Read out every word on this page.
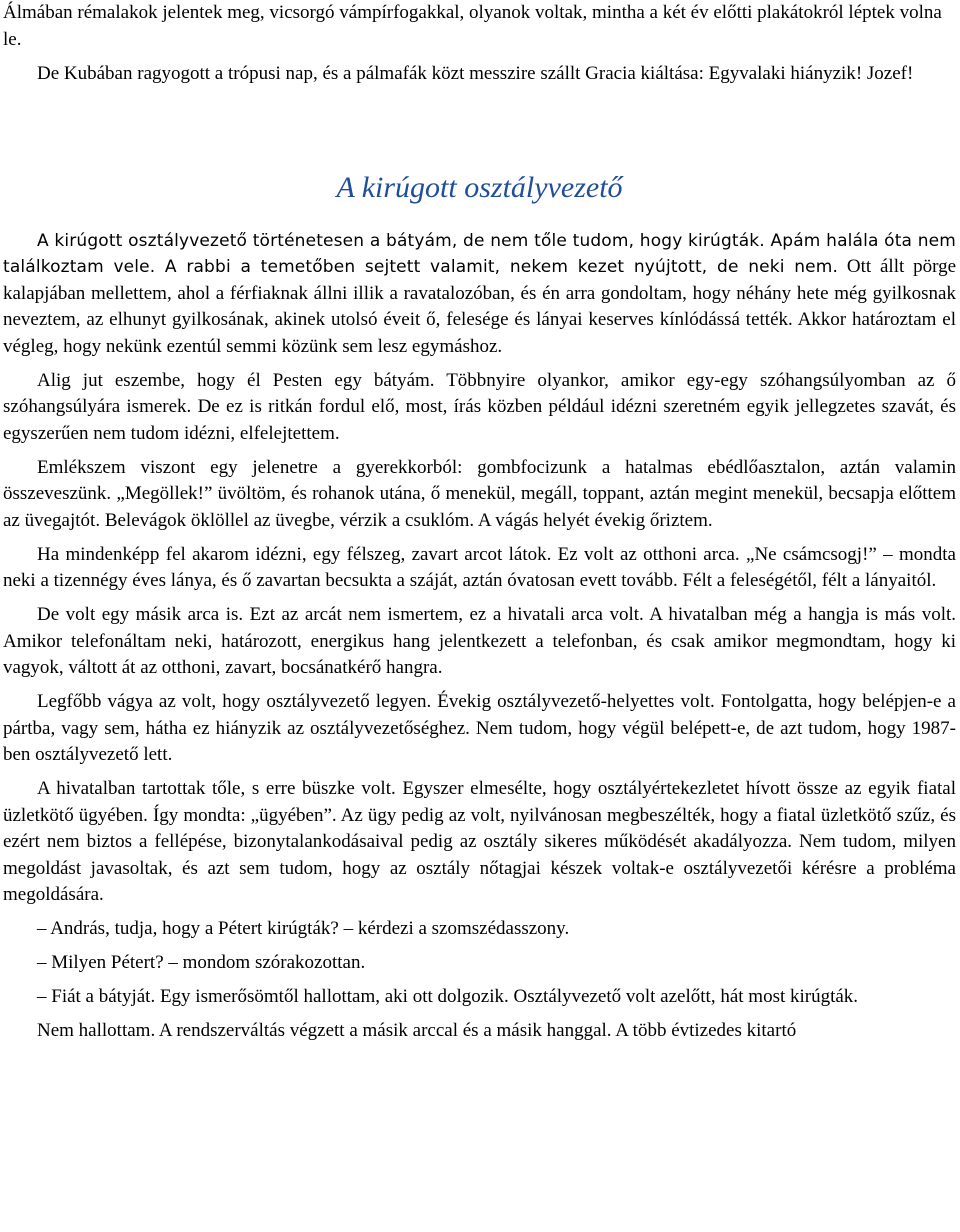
Álmában rémalakok jelentek meg, vicsorgó vámpírfogakkal, olyanok voltak, mintha a két év előtti plakátokról léptek volna le.

De Kubában ragyogott a trópusi nap, és a pálmafák közt messzire szállt Gracia kiáltása: Egyvalaki hiányzik! Jozef!

A kirúgott osztályvezető

A kirúgott osztályvezető történetesen a bátyám, de nem tőle tudom, hogy kirúgták. Apám halála óta nem találkoztam vele. A rabbi a temetőben sejtett valamit, nekem kezet nyújtott, de neki nem. Ott állt pörge kalapjában mellettem, ahol a férfiaknak állni illik a ravatalozóban, és én arra gondoltam, hogy néhány hete még gyilkosnak neveztem, az elhunyt gyilkosának, akinek utolsó éveit ő, felesége és lányai keserves kínlódássá tették. Akkor határoztam el végleg, hogy nekünk ezentúl semmi közünk sem lesz egymáshoz.

Alig jut eszembe, hogy él Pesten egy bátyám. Többnyire olyankor, amikor egy-egy szóhangsúlyomban az ő szóhangsúlyára ismerek. De ez is ritkán fordul elő, most, írás közben például idézni szeretném egyik jellegzetes szavát, és egyszerűen nem tudom idézni, elfelejtettem.

Emlékszem viszont egy jelenetre a gyerekkorból: gombfocizunk a hatalmas ebédlőasztalon, aztán valamin összeveszünk. „Megöllek!” üvöltöm, és rohanok utána, ő menekül, megáll, toppant, aztán megint menekül, becsapja előttem az üvegajtót. Belevágok öklöllel az üvegbe, vérzik a csuklóm. A vágás helyét évekig őriztem.

Ha mindenképp fel akarom idézni, egy félszeg, zavart arcot látok. Ez volt az otthoni arca. „Ne csámcsogj!” – mondta neki a tizennégy éves lánya, és ő zavartan becsukta a száját, aztán óvatosan evett tovább. Félt a feleségétől, félt a lányaitól.

De volt egy másik arca is. Ezt az arcát nem ismertem, ez a hivatali arca volt. A hivatalban még a hangja is más volt. Amikor telefonáltam neki, határozott, energikus hang jelentkezett a telefonban, és csak amikor megmondtam, hogy ki vagyok, váltott át az otthoni, zavart, bocsánatkérő hangra.

Legfőbb vágya az volt, hogy osztályvezető legyen. Évekig osztályvezető-helyettes volt. Fontolgatta, hogy belépjen-e a pártba, vagy sem, hátha ez hiányzik az osztályvezetőséghez. Nem tudom, hogy végül belépett-e, de azt tudom, hogy 1987-ben osztályvezető lett.

A hivatalban tartottak tőle, s erre büszke volt. Egyszer elmesélte, hogy osztályértekezletet hívott össze az egyik fiatal üzletkötő ügyében. Így mondta: „ügyében”. Az ügy pedig az volt, nyilvánosan megbeszélték, hogy a fiatal üzletkötő szűz, és ezért nem biztos a fellépése, bizonytalankodásaival pedig az osztály sikeres működését akadályozza. Nem tudom, milyen megoldást javasoltak, és azt sem tudom, hogy az osztály nőtagjai készek voltak-e osztályvezetői kérésre a probléma megoldására.

– András, tudja, hogy a Pétert kirúgták? – kérdezi a szomszédasszony.

– Milyen Pétert? – mondom szórakozottan.

– Fiát a bátyját. Egy ismerősömtől hallottam, aki ott dolgozik. Osztályvezető volt azelőtt, hát most kirúgták.

Nem hallottam. A rendszerváltás végzett a másik arccal és a másik hanggal. A több évtizedes kitartó
